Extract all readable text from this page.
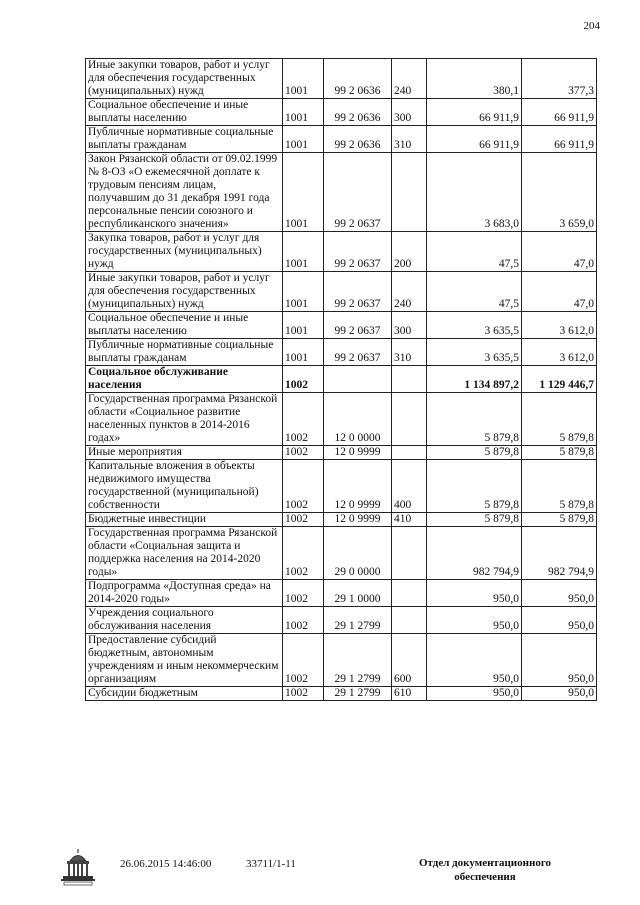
204
Иные закупки товаров, работ и услуг для обеспечения государственных (муниципальных) нужд	1001	99 2 0636	240	380,1	377,3
Социальное обеспечение и иные выплаты населению	1001	99 2 0636	300	66 911,9	66 911,9
Публичные нормативные социальные выплаты гражданам	1001	99 2 0636	310	66 911,9	66 911,9
Закон Рязанской области от 09.02.1999 № 8-ОЗ «О ежемесячной доплате к трудовым пенсиям лицам, получавшим до 31 декабря 1991 года персональные пенсии союзного и республиканского значения»	1001	99 2 0637		3 683,0	3 659,0
Закупка товаров, работ и услуг для государственных (муниципальных) нужд	1001	99 2 0637	200	47,5	47,0
Иные закупки товаров, работ и услуг для обеспечения государственных (муниципальных) нужд	1001	99 2 0637	240	47,5	47,0
Социальное обеспечение и иные выплаты населению	1001	99 2 0637	300	3 635,5	3 612,0
Публичные нормативные социальные выплаты гражданам	1001	99 2 0637	310	3 635,5	3 612,0
Социальное обслуживание населения	1002			1 134 897,2	1 129 446,7
Государственная программа Рязанской области «Социальное развитие населенных пунктов в 2014-2016 годах»	1002	12 0 0000		5 879,8	5 879,8
Иные мероприятия	1002	12 0 9999		5 879,8	5 879,8
Капитальные вложения в объекты недвижимого имущества государственной (муниципальной) собственности	1002	12 0 9999	400	5 879,8	5 879,8
Бюджетные инвестиции	1002	12 0 9999	410	5 879,8	5 879,8
Государственная программа Рязанской области «Социальная защита и поддержка населения на 2014-2020 годы»	1002	29 0 0000		982 794,9	982 794,9
Подпрограмма «Доступная среда» на 2014-2020 годы»	1002	29 1 0000		950,0	950,0
Учреждения социального обслуживания населения	1002	29 1 2799		950,0	950,0
Предоставление субсидий бюджетным, автономным учреждениям и иным некоммерческим организациям	1002	29 1 2799	600	950,0	950,0
Субсидии бюджетным	1002	29 1 2799	610	950,0	950,0
26.06.2015 14:46:00	33711/1-11	Отдел документационного
обеспечения
